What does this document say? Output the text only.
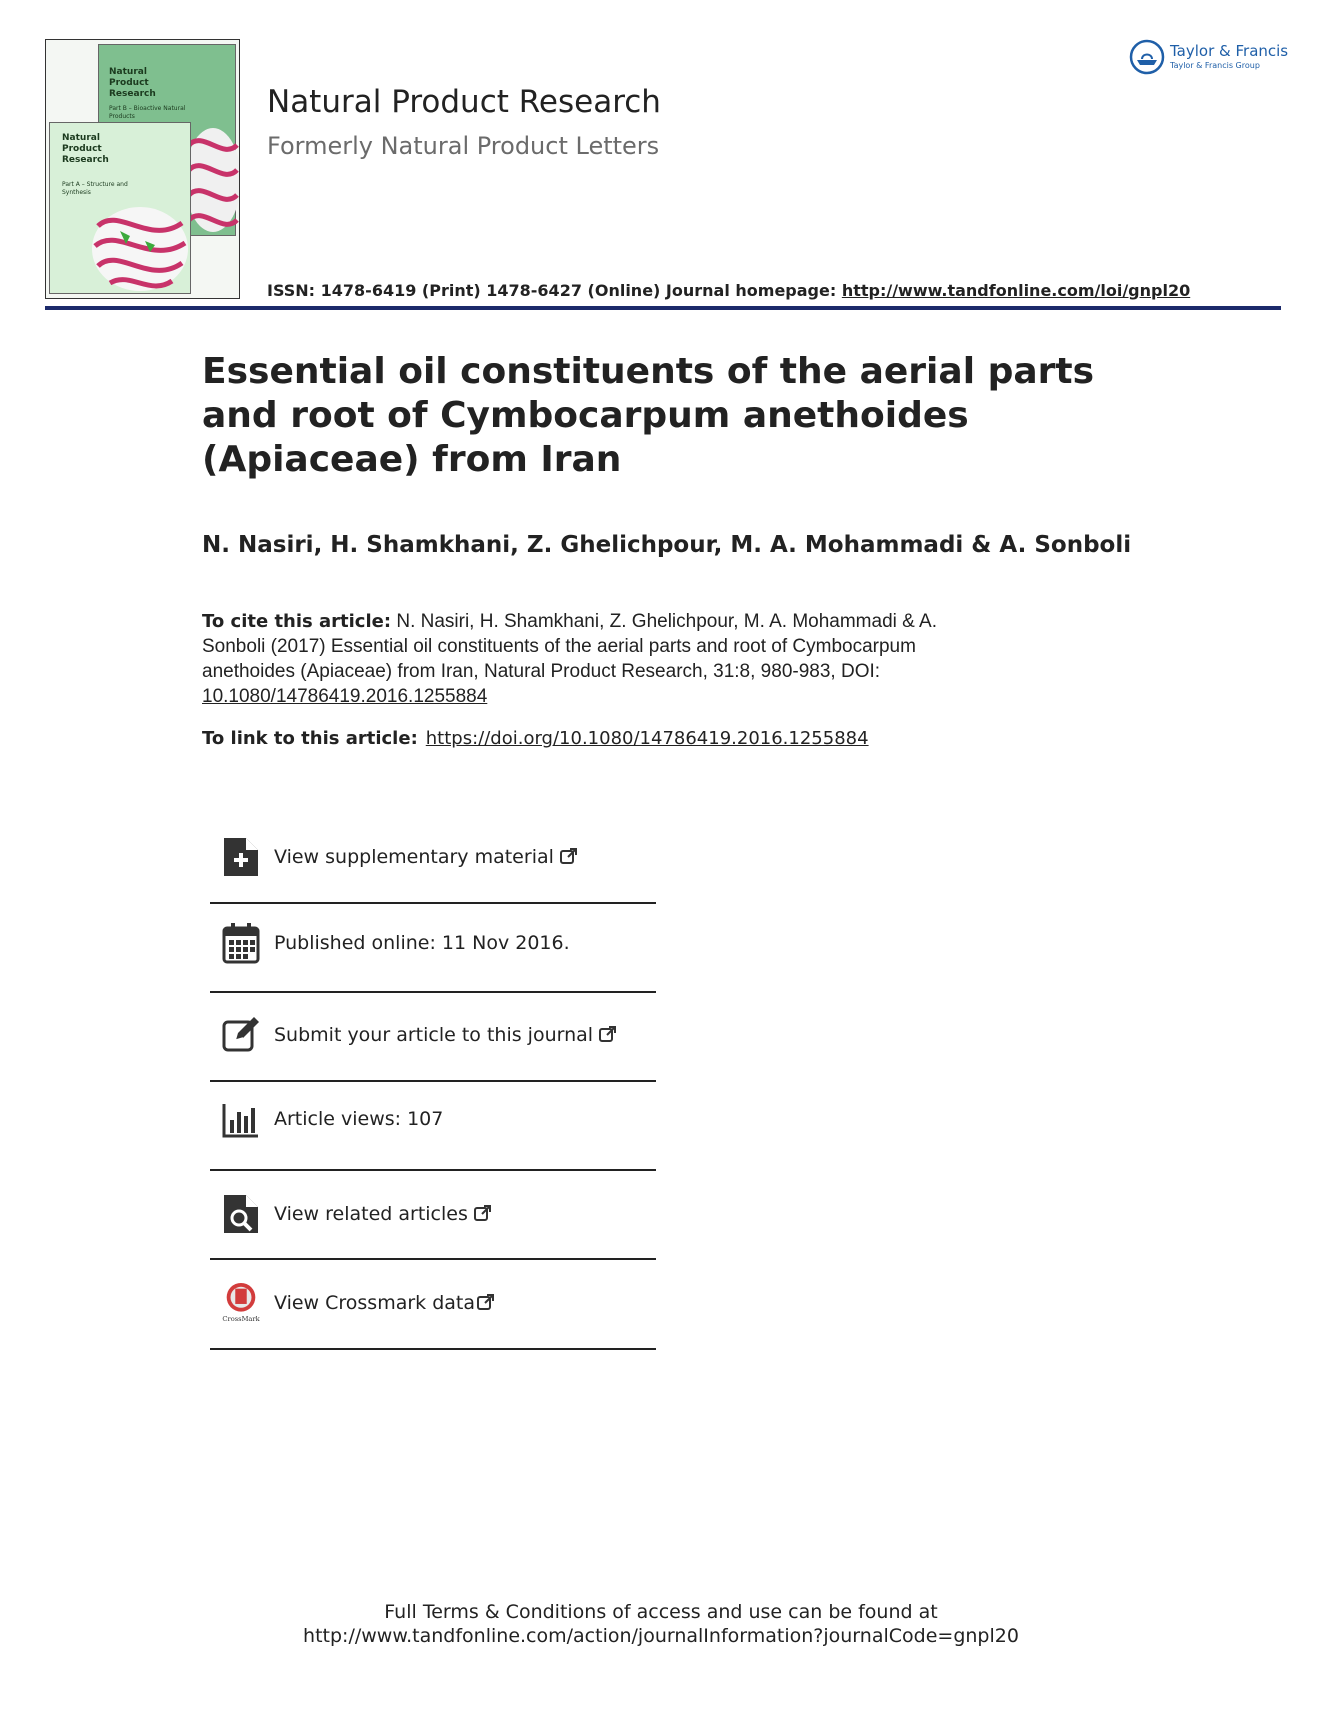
Natural Product Research
Part B – Bioactive Natural Products
Natural Product Research
Part A – Structure and Synthesis
Natural Product Research
Formerly Natural Product Letters
ISSN: 1478-6419 (Print) 1478-6427 (Online) Journal homepage: http://www.tandfonline.com/loi/gnpl20
Taylor & Francis
Taylor & Francis Group
Essential oil constituents of the aerial parts and root of Cymbocarpum anethoides (Apiaceae) from Iran
N. Nasiri, H. Shamkhani, Z. Ghelichpour, M. A. Mohammadi & A. Sonboli
To cite this article: N. Nasiri, H. Shamkhani, Z. Ghelichpour, M. A. Mohammadi & A. Sonboli (2017) Essential oil constituents of the aerial parts and root of Cymbocarpum anethoides (Apiaceae) from Iran, Natural Product Research, 31:8, 980-983, DOI: 10.1080/14786419.2016.1255884
To link to this article: https://doi.org/10.1080/14786419.2016.1255884
View supplementary material
Published online: 11 Nov 2016.
Submit your article to this journal
Article views: 107
View related articles
CrossMark
View Crossmark data
Full Terms & Conditions of access and use can be found at
http://www.tandfonline.com/action/journalInformation?journalCode=gnpl20
